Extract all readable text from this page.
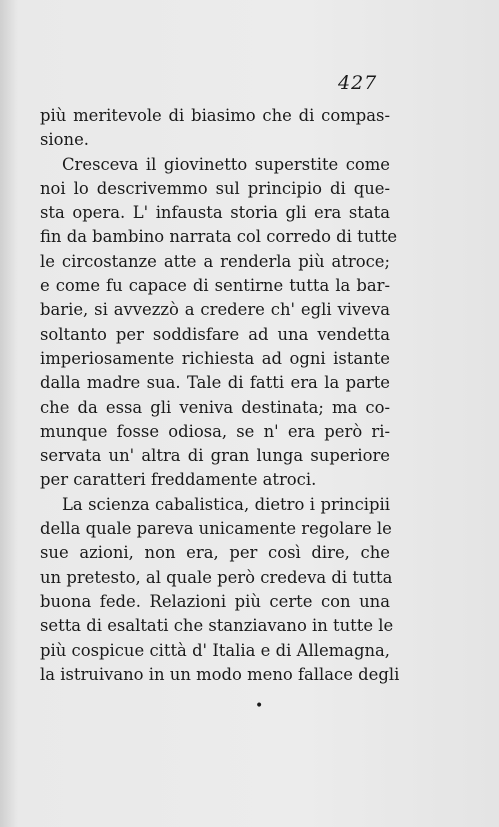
427
più meritevole di biasimo che di compas-
sione.
Cresceva il giovinetto superstite come
noi lo descrivemmo sul principio di que-
sta opera. L' infausta storia gli era stata
fin da bambino narrata col corredo di tutte
le circostanze atte a renderla più atroce;
e come fu capace di sentirne tutta la bar-
barie, si avvezzò a credere ch' egli viveva
soltanto per soddisfare ad una vendetta
imperiosamente richiesta ad ogni istante
dalla madre sua. Tale di fatti era la parte
che da essa gli veniva destinata; ma co-
munque fosse odiosa, se n' era però ri-
servata un' altra di gran lunga superiore
per caratteri freddamente atroci.
La scienza cabalistica, dietro i principii
della quale pareva unicamente regolare le
sue azioni, non era, per così dire, che
un pretesto, al quale però credeva di tutta
buona fede. Relazioni più certe con una
setta di esaltati che stanziavano in tutte le
più cospicue città d' Italia e di Allemagna,
la istruivano in un modo meno fallace degli
•
